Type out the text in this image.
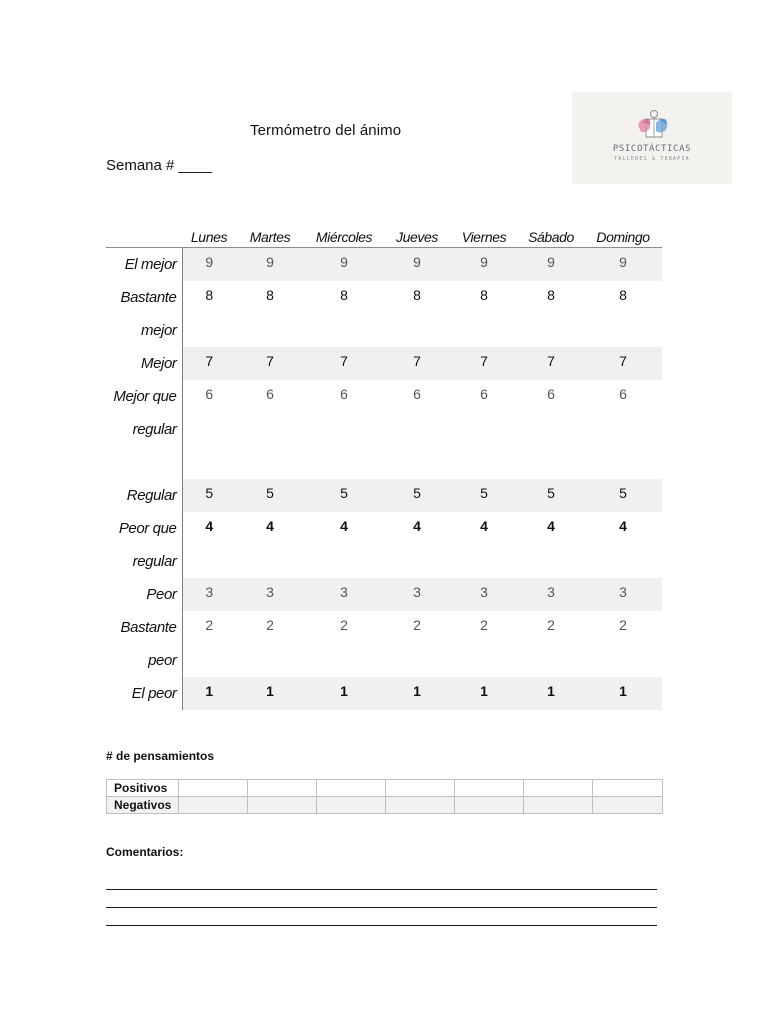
Termómetro del ánimo
Semana # ____
PSICOTÁCTICAS
TALLERES & TERAPIA
	Lunes	Martes	Miércoles	Jueves	Viernes	Sábado	Domingo
El mejor	9	9	9	9	9	9	9
Bastante mejor	8	8	8	8	8	8	8
Mejor	7	7	7	7	7	7	7
Mejor que regular	6	6	6	6	6	6	6
Regular	5	5	5	5	5	5	5
Peor que regular	4	4	4	4	4	4	4
Peor	3	3	3	3	3	3	3
Bastante peor	2	2	2	2	2	2	2
El peor	1	1	1	1	1	1	1
# de pensamientos
Positivos							
Negativos							
Comentarios:
